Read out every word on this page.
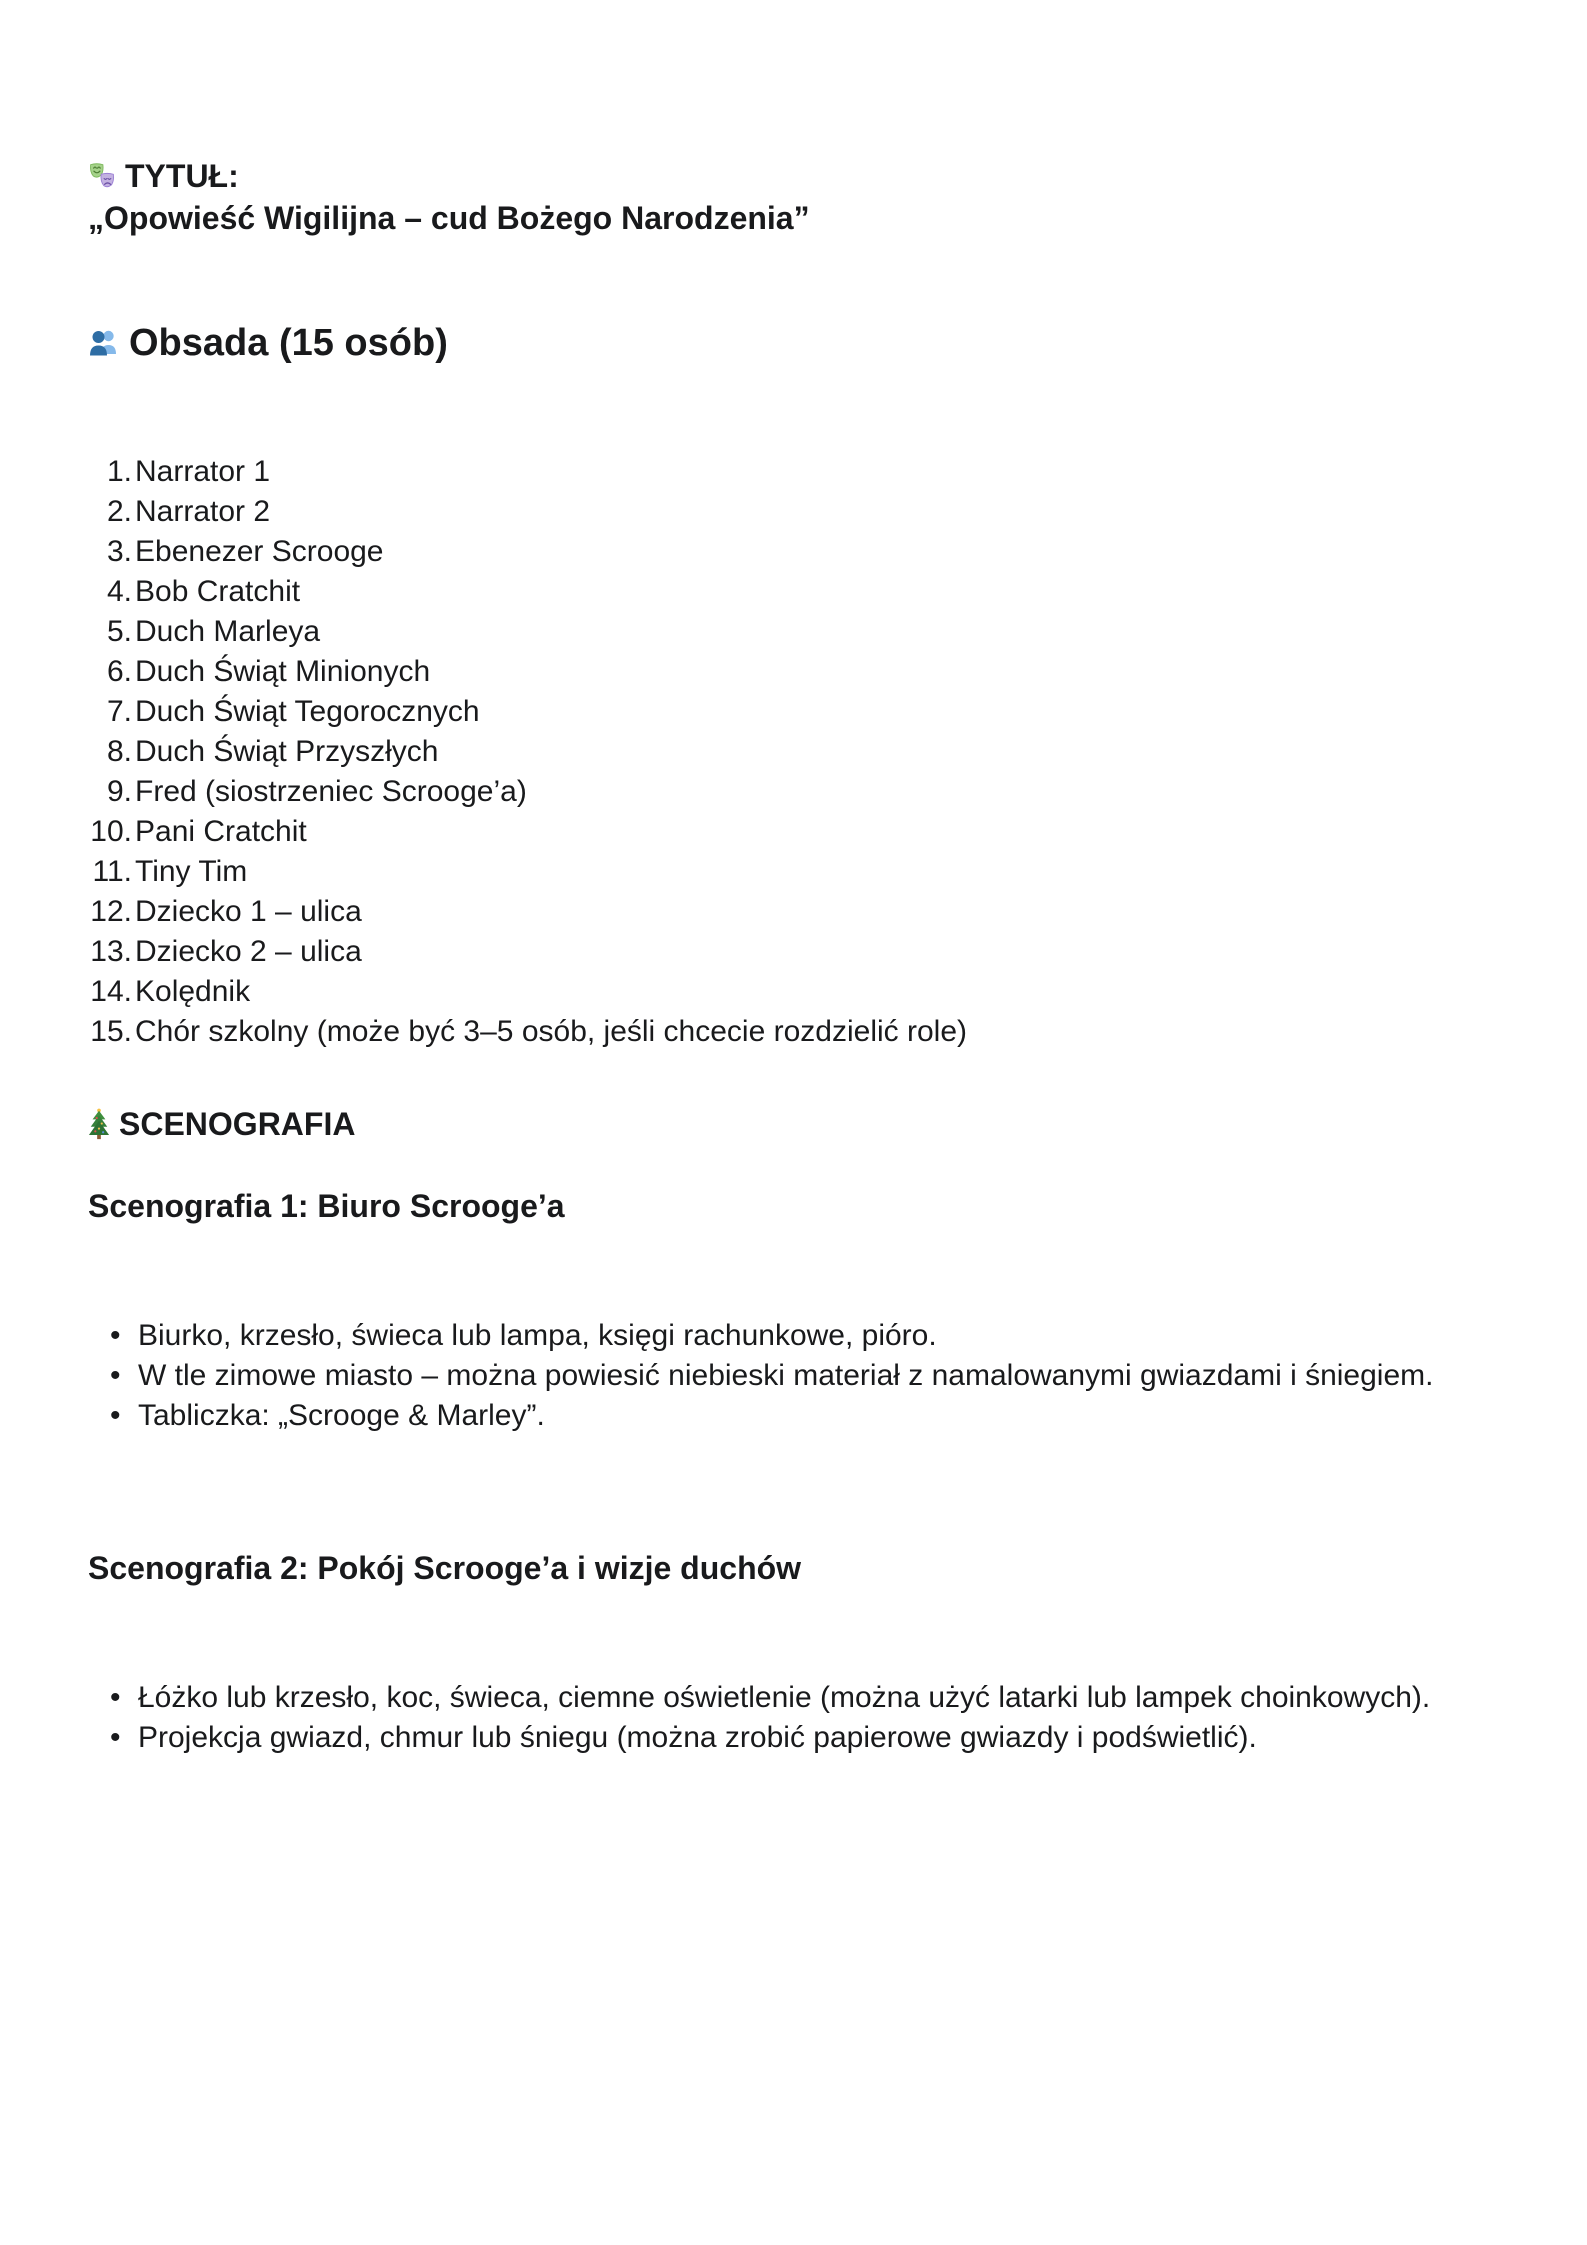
TYTUŁ:
„Opowieść Wigilijna – cud Bożego Narodzenia”
Obsada (15 osób)
Narrator 1
Narrator 2
Ebenezer Scrooge
Bob Cratchit
Duch Marleya
Duch Świąt Minionych
Duch Świąt Tegorocznych
Duch Świąt Przyszłych
Fred (siostrzeniec Scrooge’a)
Pani Cratchit
Tiny Tim
Dziecko 1 – ulica
Dziecko 2 – ulica
Kolędnik
Chór szkolny (może być 3–5 osób, jeśli chcecie rozdzielić role)
SCENOGRAFIA
Scenografia 1: Biuro Scrooge’a
• Biurko, krzesło, świeca lub lampa, księgi rachunkowe, pióro.
• W tle zimowe miasto – można powiesić niebieski materiał z namalowanymi gwiazdami i śniegiem.
• Tabliczka: „Scrooge & Marley”.
Scenografia 2: Pokój Scrooge’a i wizje duchów
• Łóżko lub krzesło, koc, świeca, ciemne oświetlenie (można użyć latarki lub lampek choinkowych).
• Projekcja gwiazd, chmur lub śniegu (można zrobić papierowe gwiazdy i podświetlić).
